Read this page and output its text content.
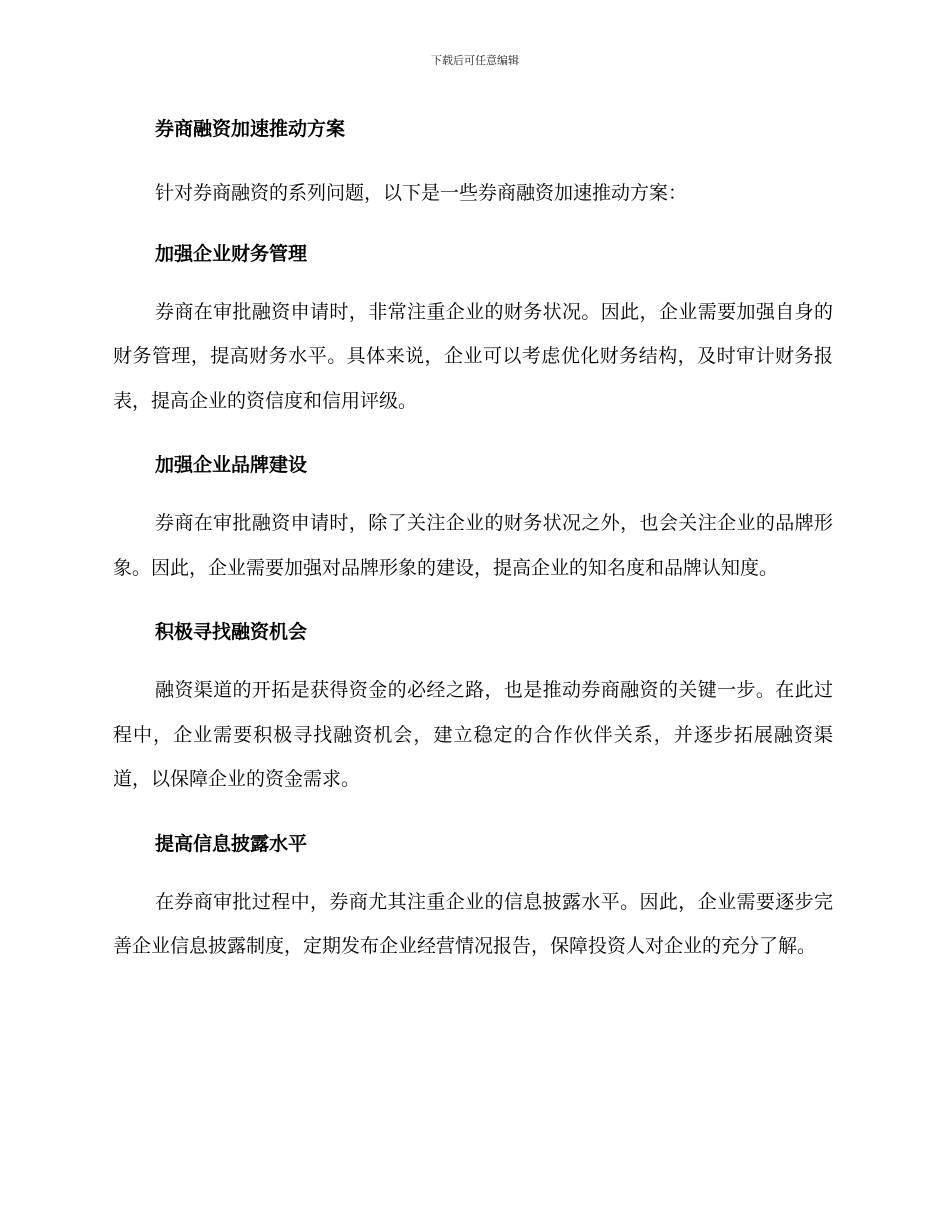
下载后可任意编辑
券商融资加速推动方案

针对券商融资的系列问题，以下是一些券商融资加速推动方案：

加强企业财务管理

券商在审批融资申请时，非常注重企业的财务状况。因此，企业需要加强自身的财务管理，提高财务水平。具体来说，企业可以考虑优化财务结构，及时审计财务报表，提高企业的资信度和信用评级。

加强企业品牌建设

券商在审批融资申请时，除了关注企业的财务状况之外，也会关注企业的品牌形象。因此，企业需要加强对品牌形象的建设，提高企业的知名度和品牌认知度。

积极寻找融资机会

融资渠道的开拓是获得资金的必经之路，也是推动券商融资的关键一步。在此过程中，企业需要积极寻找融资机会，建立稳定的合作伙伴关系，并逐步拓展融资渠道，以保障企业的资金需求。

提高信息披露水平

在券商审批过程中，券商尤其注重企业的信息披露水平。因此，企业需要逐步完善企业信息披露制度，定期发布企业经营情况报告，保障投资人对企业的充分了解。
